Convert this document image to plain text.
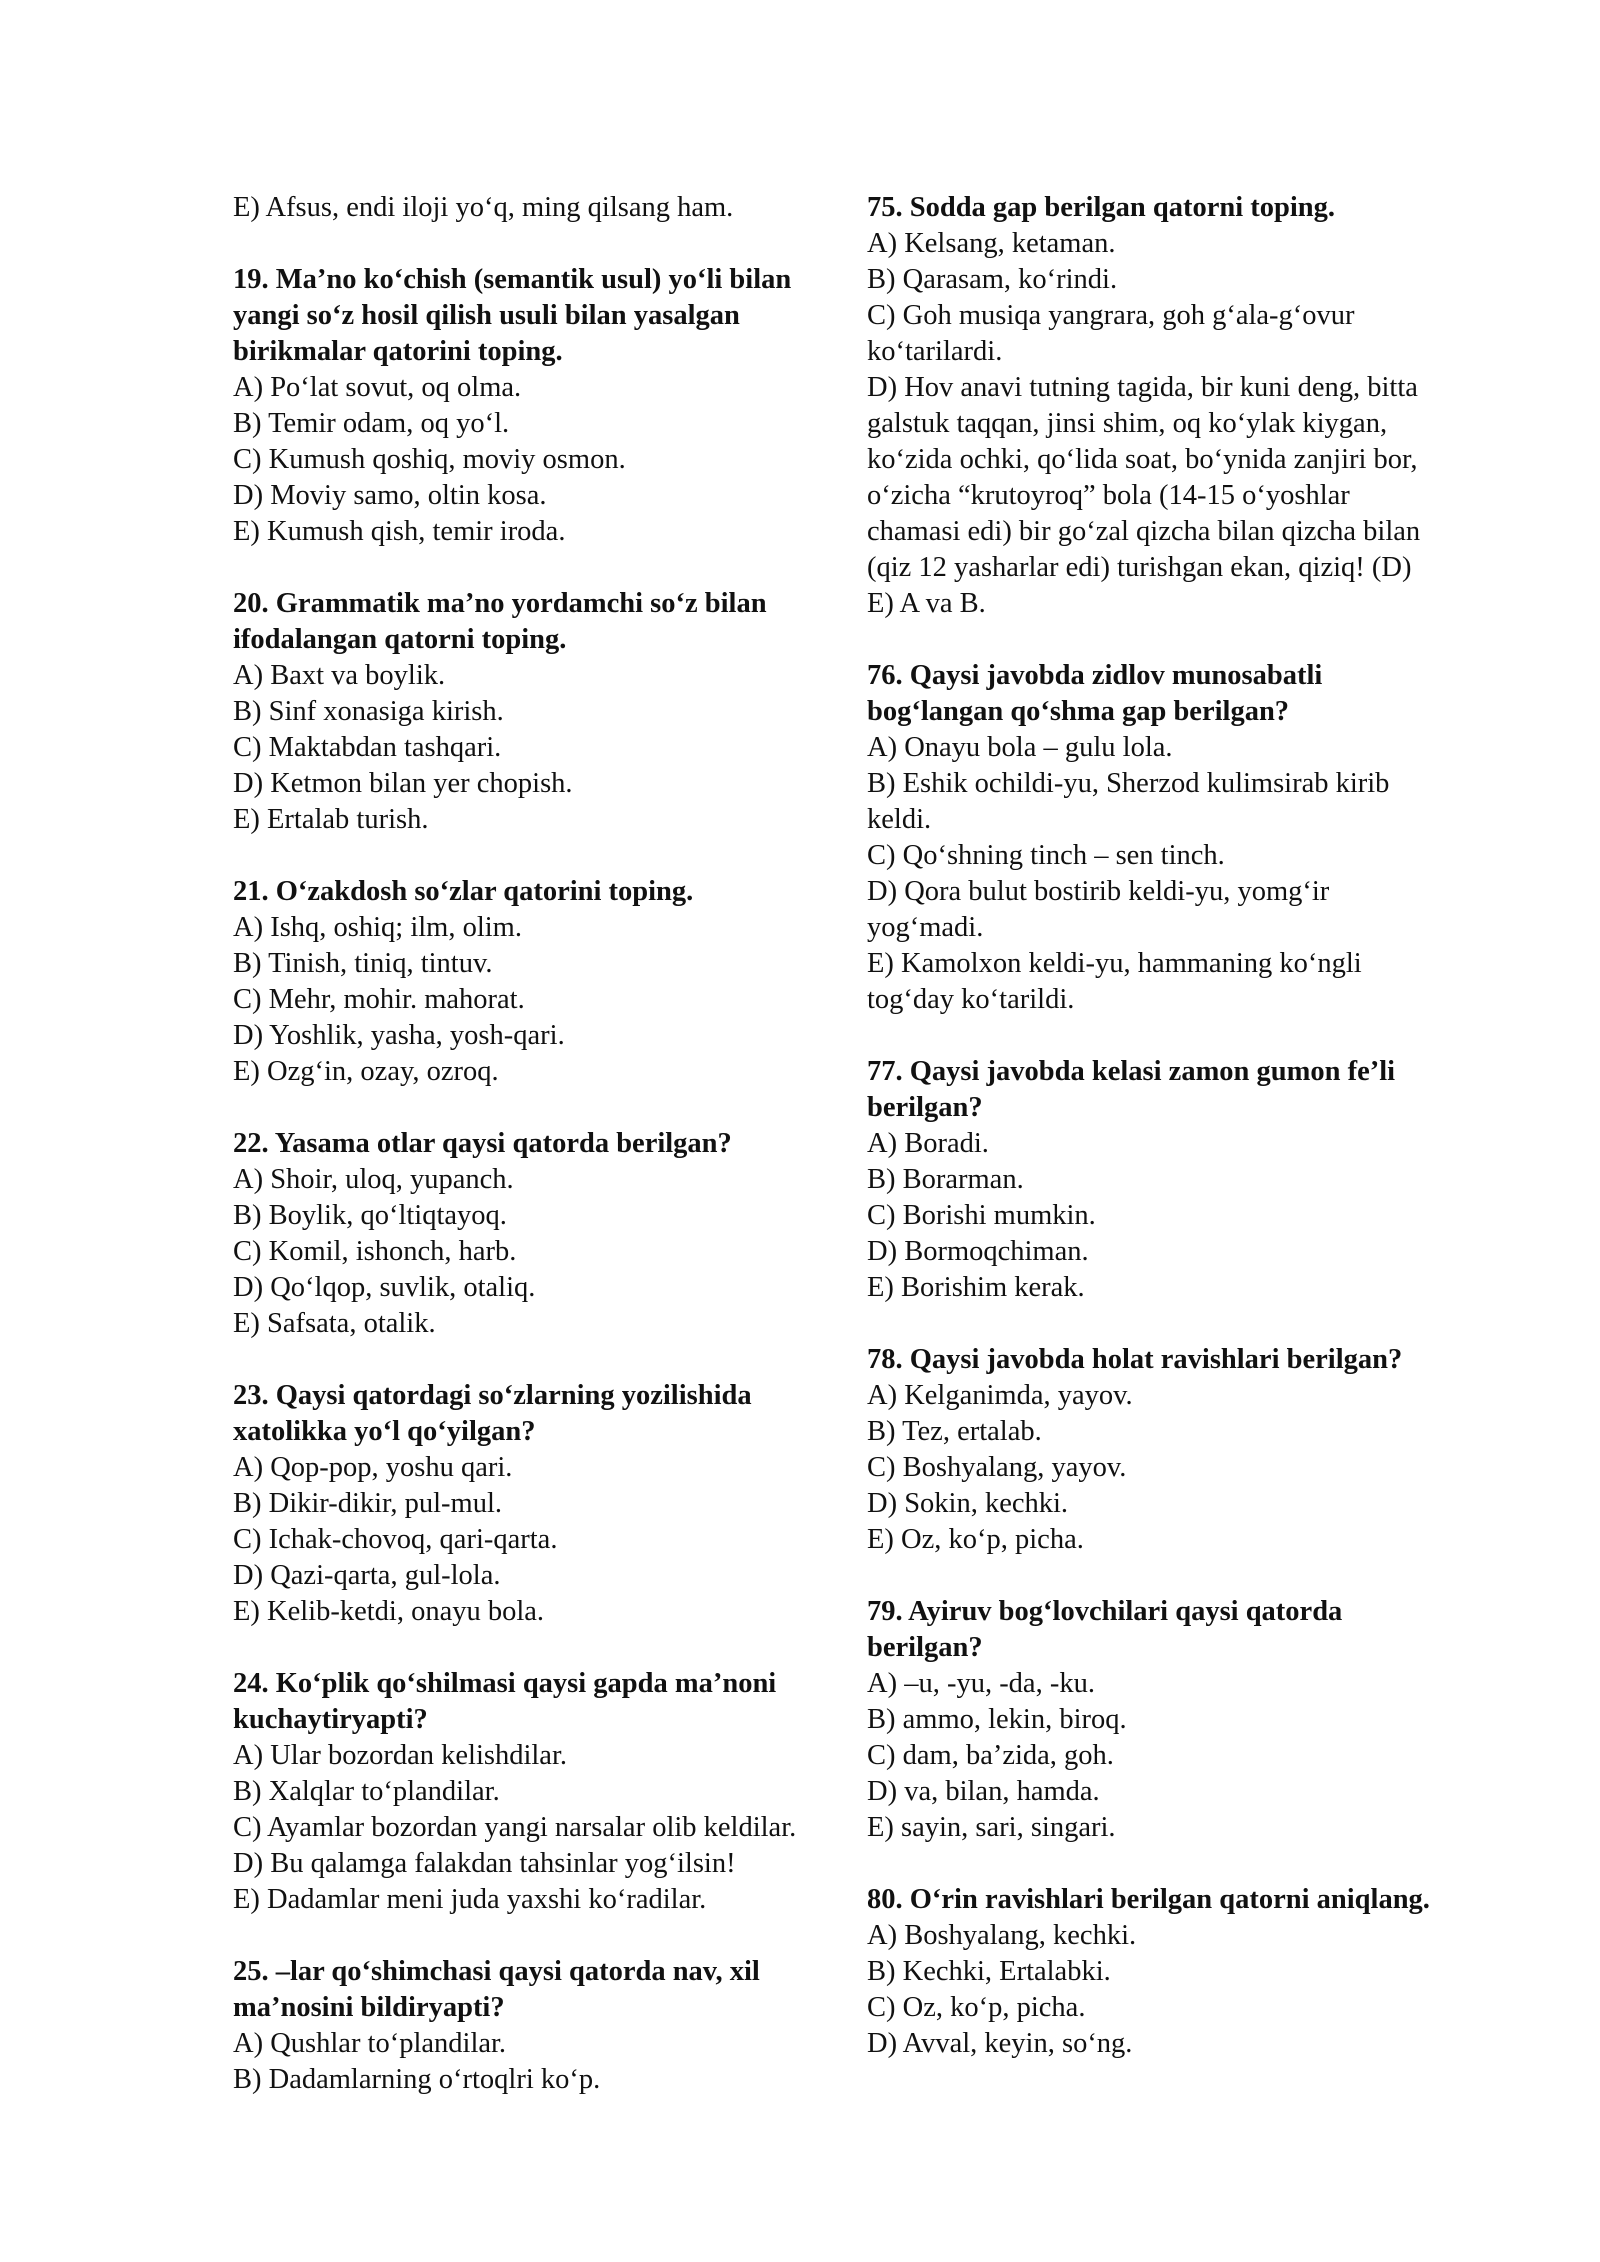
E) Afsus, endi iloji yo‘q, ming qilsang ham.
19. Ma’no ko‘chish (semantik usul) yo‘li bilan
yangi so‘z hosil qilish usuli bilan yasalgan
birikmalar qatorini toping.
A) Po‘lat sovut, oq olma.
B) Temir odam, oq yo‘l.
C) Kumush qoshiq, moviy osmon.
D) Moviy samo, oltin kosa.
E) Kumush qish, temir iroda.
20. Grammatik ma’no yordamchi so‘z bilan
ifodalangan qatorni toping.
A) Baxt va boylik.
B) Sinf xonasiga kirish.
C) Maktabdan tashqari.
D) Ketmon bilan yer chopish.
E) Ertalab turish.
21. O‘zakdosh so‘zlar qatorini toping.
A) Ishq, oshiq; ilm, olim.
B) Tinish, tiniq, tintuv.
C) Mehr, mohir. mahorat.
D) Yoshlik, yasha, yosh-qari.
E) Ozg‘in, ozay, ozroq.
22. Yasama otlar qaysi qatorda berilgan?
A) Shoir, uloq, yupanch.
B) Boylik, qo‘ltiqtayoq.
C) Komil, ishonch, harb.
D) Qo‘lqop, suvlik, otaliq.
E) Safsata, otalik.
23. Qaysi qatordagi so‘zlarning yozilishida
xatolikka yo‘l qo‘yilgan?
A) Qop-pop, yoshu qari.
B) Dikir-dikir, pul-mul.
C) Ichak-chovoq, qari-qarta.
D) Qazi-qarta, gul-lola.
E) Kelib-ketdi, onayu bola.
24. Ko‘plik qo‘shilmasi qaysi gapda ma’noni
kuchaytiryapti?
A) Ular bozordan kelishdilar.
B) Xalqlar to‘plandilar.
C) Ayamlar bozordan yangi narsalar olib keldilar.
D) Bu qalamga falakdan tahsinlar yog‘ilsin!
E) Dadamlar meni juda yaxshi ko‘radilar.
25. –lar qo‘shimchasi qaysi qatorda nav, xil
ma’nosini bildiryapti?
A) Qushlar to‘plandilar.
B) Dadamlarning o‘rtoqlri ko‘p.
75. Sodda gap berilgan qatorni toping.
A) Kelsang, ketaman.
B) Qarasam, ko‘rindi.
C) Goh musiqa yangrara, goh g‘ala-g‘ovur
ko‘tarilardi.
D) Hov anavi tutning tagida, bir kuni deng, bitta
galstuk taqqan, jinsi shim, oq ko‘ylak kiygan,
ko‘zida ochki, qo‘lida soat, bo‘ynida zanjiri bor,
o‘zicha “krutoyroq” bola (14-15 o‘yoshlar
chamasi edi) bir go‘zal qizcha bilan qizcha bilan
(qiz 12 yasharlar edi) turishgan ekan, qiziq! (D)
E) A va B.
76. Qaysi javobda zidlov munosabatli
bog‘langan qo‘shma gap berilgan?
A) Onayu bola – gulu lola.
B) Eshik ochildi-yu, Sherzod kulimsirab kirib
keldi.
C) Qo‘shning tinch – sen tinch.
D) Qora bulut bostirib keldi-yu, yomg‘ir
yog‘madi.
E) Kamolxon keldi-yu, hammaning ko‘ngli
tog‘day ko‘tarildi.
77. Qaysi javobda kelasi zamon gumon fe’li
berilgan?
A) Boradi.
B) Borarman.
C) Borishi mumkin.
D) Bormoqchiman.
E) Borishim kerak.
78. Qaysi javobda holat ravishlari berilgan?
A) Kelganimda, yayov.
B) Tez, ertalab.
C) Boshyalang, yayov.
D) Sokin, kechki.
E) Oz, ko‘p, picha.
79. Ayiruv bog‘lovchilari qaysi qatorda
berilgan?
A) –u, -yu, -da, -ku.
B) ammo, lekin, biroq.
C) dam, ba’zida, goh.
D) va, bilan, hamda.
E) sayin, sari, singari.
80. O‘rin ravishlari berilgan qatorni aniqlang.
A) Boshyalang, kechki.
B) Kechki, Ertalabki.
C) Oz, ko‘p, picha.
D) Avval, keyin, so‘ng.
